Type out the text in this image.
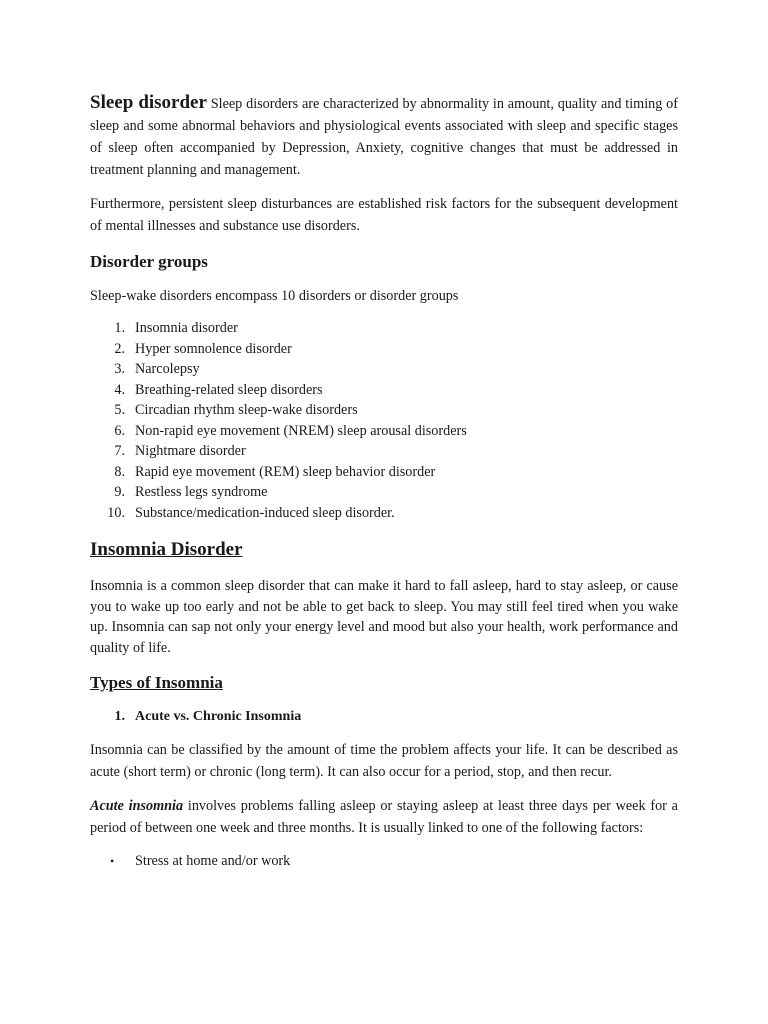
Sleep disorder Sleep disorders are characterized by abnormality in amount, quality and timing of sleep and some abnormal behaviors and physiological events associated with sleep and specific stages of sleep often accompanied by Depression, Anxiety, cognitive changes that must be addressed in treatment planning and management.

Furthermore, persistent sleep disturbances are established risk factors for the subsequent development of mental illnesses and substance use disorders.

Disorder groups

Sleep-wake disorders encompass 10 disorders or disorder groups

1. Insomnia disorder
2. Hyper somnolence disorder
3. Narcolepsy
4. Breathing-related sleep disorders
5. Circadian rhythm sleep-wake disorders
6. Non-rapid eye movement (NREM) sleep arousal disorders
7. Nightmare disorder
8. Rapid eye movement (REM) sleep behavior disorder
9. Restless legs syndrome
10. Substance/medication-induced sleep disorder.
Insomnia Disorder

Insomnia is a common sleep disorder that can make it hard to fall asleep, hard to stay asleep, or cause you to wake up too early and not be able to get back to sleep. You may still feel tired when you wake up. Insomnia can sap not only your energy level and mood but also your health, work performance and quality of life.

Types of Insomnia
1. Acute vs. Chronic Insomnia

Insomnia can be classified by the amount of time the problem affects your life. It can be described as acute (short term) or chronic (long term). It can also occur for a period, stop, and then recur.

Acute insomnia involves problems falling asleep or staying asleep at least three days per week for a period of between one week and three months. It is usually linked to one of the following factors:

• Stress at home and/or work
